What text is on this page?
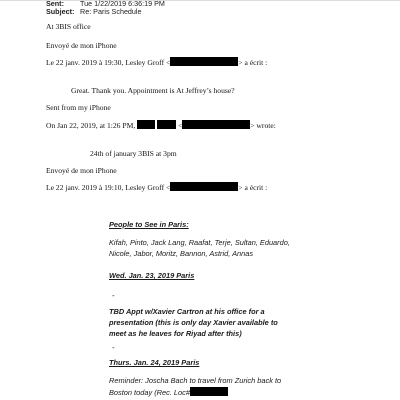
Sent: Tue 1/22/2019 6:36:19 PM
Subject: Re: Paris Schedule
At 3BIS office
Envoyé de mon iPhone
Le 22 janv. 2019 à 19:30, Lesley Groff <	> a écrit :
Great. Thank you. Appointment is At Jeffrey’s house?
Sent from my iPhone
On Jan 22, 2019, at 1:26 PM,	<	> wrote:
24th of january 3BIS at 3pm
Envoyé de mon iPhone
Le 22 janv. 2019 à 19:10, Lesley Groff <	> a écrit :
People to See in Paris:
Kifah, Pinto, Jack Lang, Raafat, Terje, Sultan, Eduardo,
Nicole, Jabor, Moritz, Bannon, Astrid, Annas
Wed. Jan. 23, 2019 Paris
-
TBD Appt w/Xavier Cartron at his office for a
presentation (this is only day Xavier available to
meet as he leaves for Riyad after this)
-
Thurs. Jan. 24, 2019 Paris
Reminder: Joscha Bach to travel from Zurich back to
Boston today (Rec. Loc#
